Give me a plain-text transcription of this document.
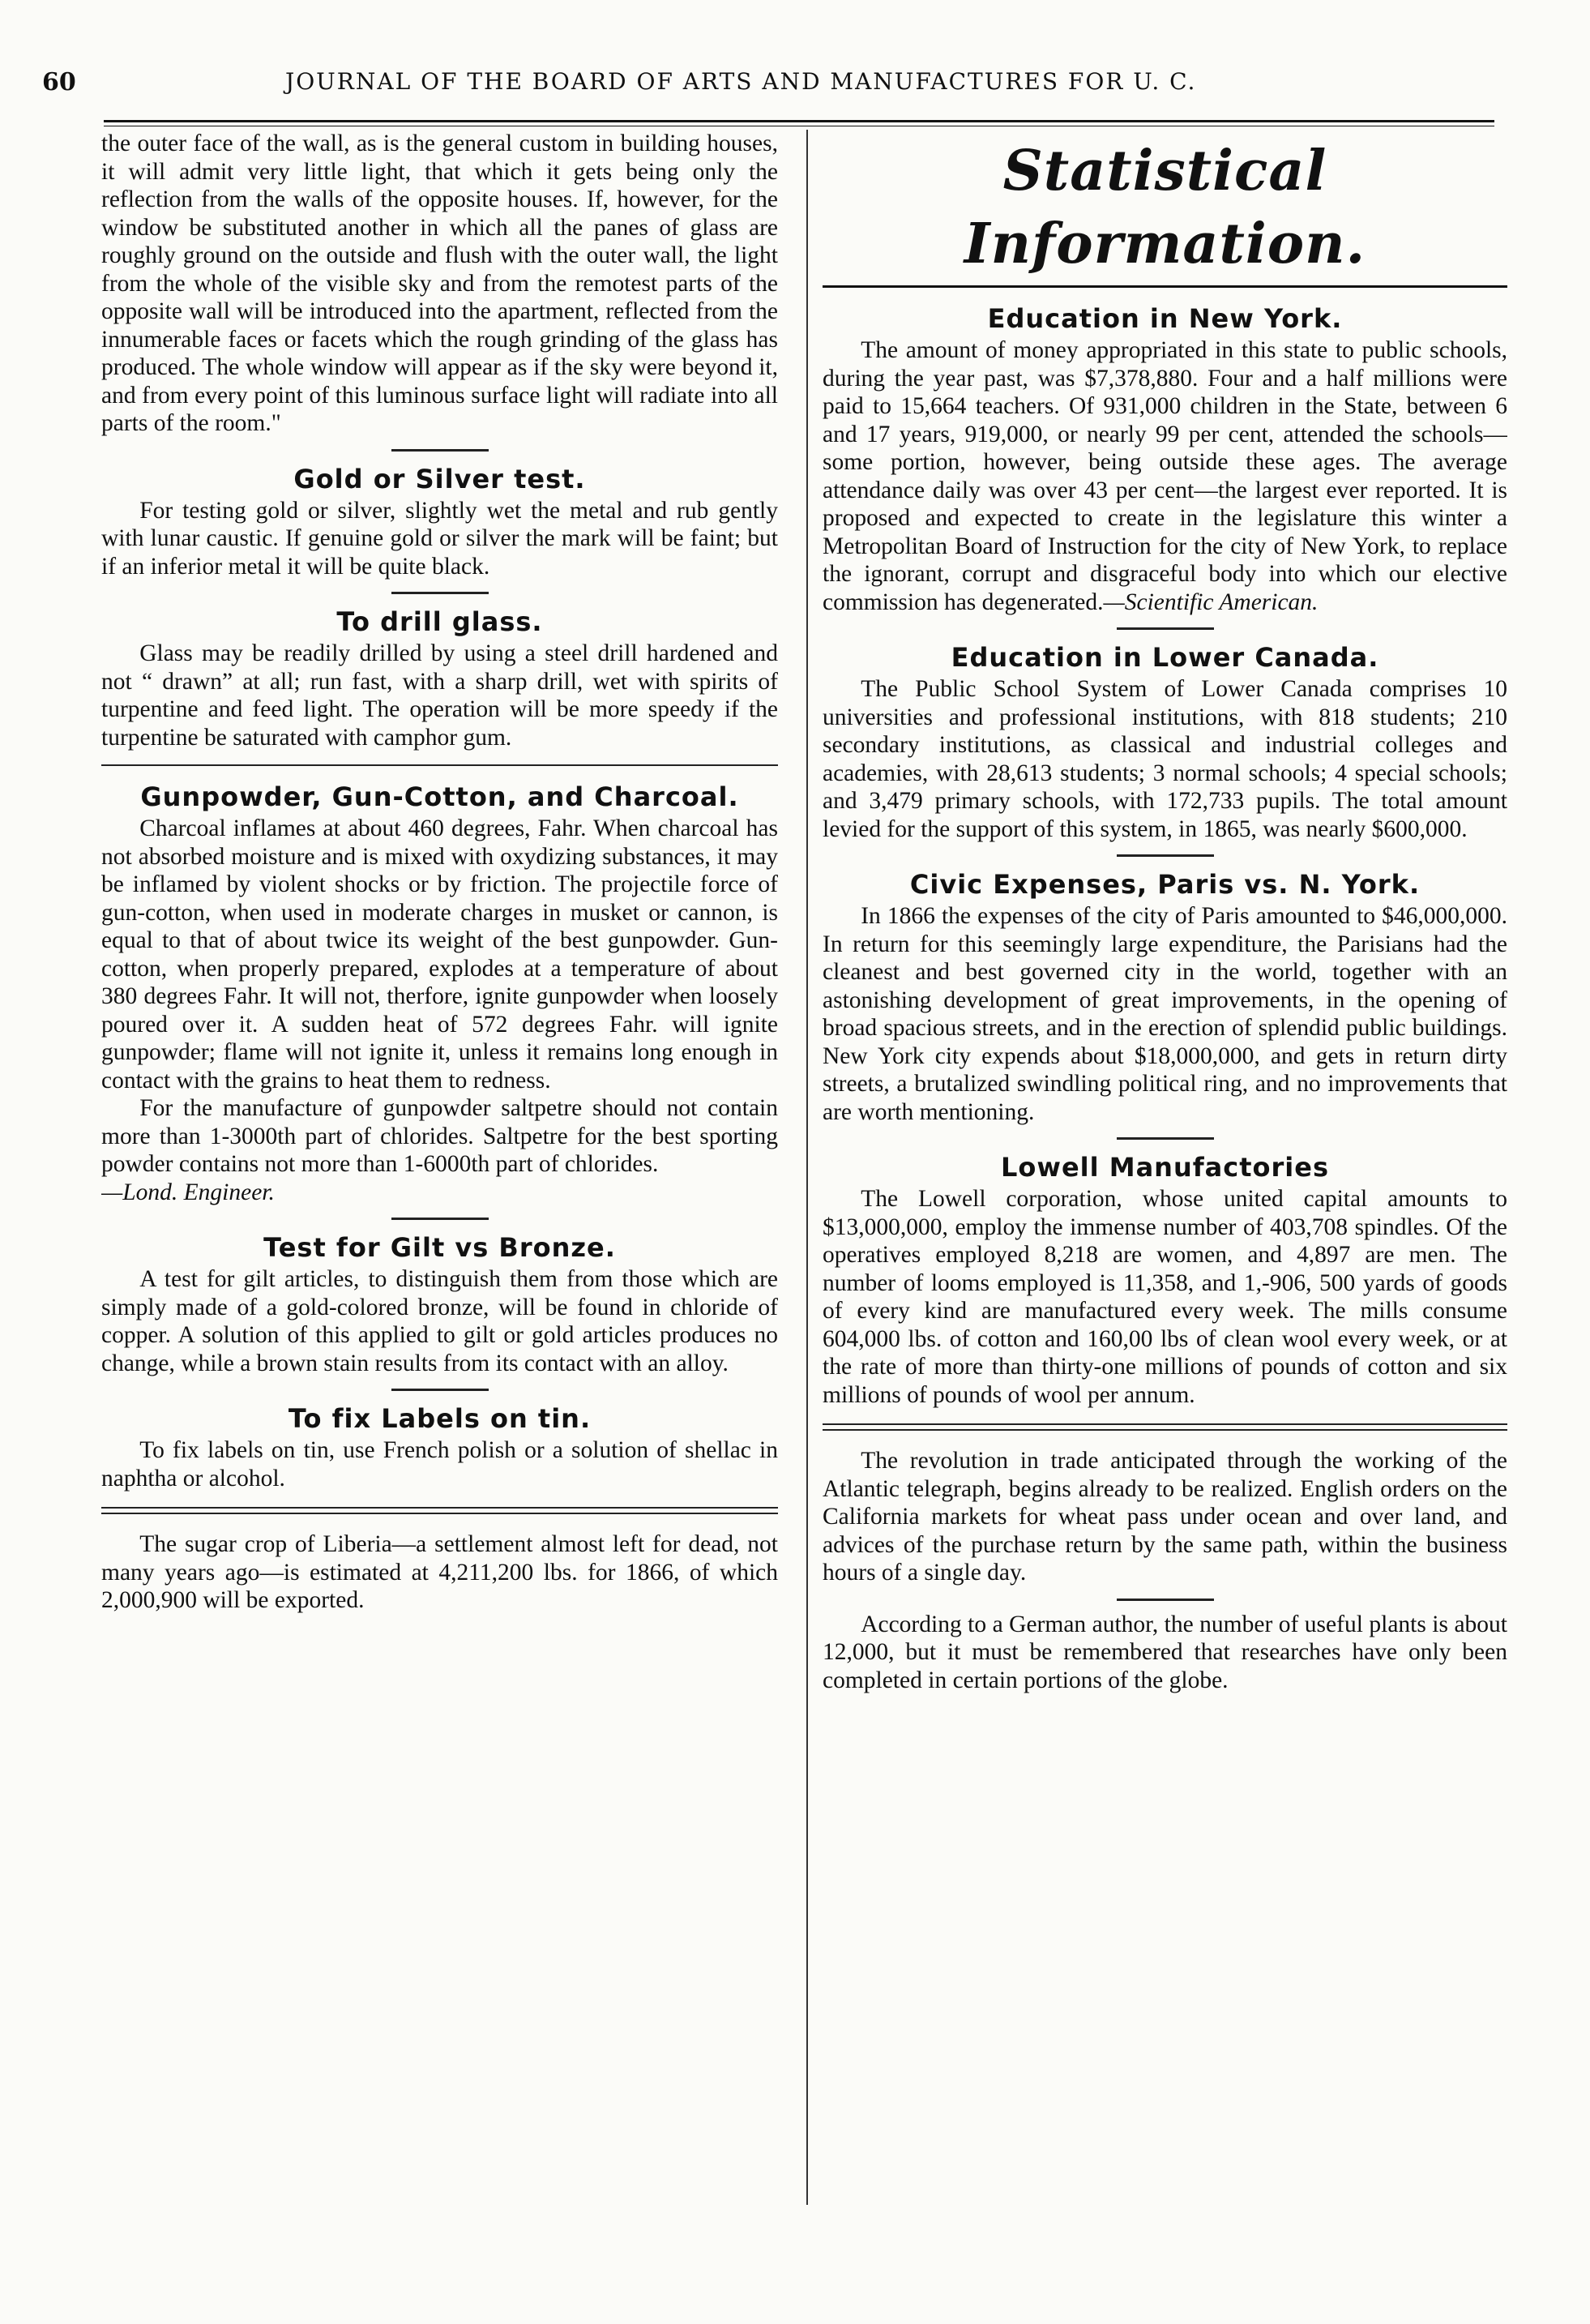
60	JOURNAL OF THE BOARD OF ARTS AND MANUFACTURES FOR U. C.

the outer face of the wall, as is the general custom in building houses, it will admit very little light, that which it gets being only the reflection from the walls of the opposite houses. If, however, for the window be substituted another in which all the panes of glass are roughly ground on the outside and flush with the outer wall, the light from the whole of the visible sky and from the remotest parts of the opposite wall will be introduced into the apartment, reflected from the innumerable faces or facets which the rough grinding of the glass has produced. The whole window will appear as if the sky were beyond it, and from every point of this luminous surface light will radiate into all parts of the room."

Gold or Silver test.

For testing gold or silver, slightly wet the metal and rub gently with lunar caustic. If genuine gold or silver the mark will be faint; but if an inferior metal it will be quite black.

To drill glass.

Glass may be readily drilled by using a steel drill hardened and not “ drawn” at all; run fast, with a sharp drill, wet with spirits of turpentine and feed light. The operation will be more speedy if the turpentine be saturated with camphor gum.

Gunpowder, Gun-Cotton, and Charcoal.

Charcoal inflames at about 460 degrees, Fahr. When charcoal has not absorbed moisture and is mixed with oxydizing substances, it may be inflamed by violent shocks or by friction. The projectile force of gun-cotton, when used in moderate charges in musket or cannon, is equal to that of about twice its weight of the best gunpowder. Gun-cotton, when properly prepared, explodes at a temperature of about 380 degrees Fahr. It will not, therfore, ignite gunpowder when loosely poured over it. A sudden heat of 572 degrees Fahr. will ignite gunpowder; flame will not ignite it, unless it remains long enough in contact with the grains to heat them to redness.

For the manufacture of gunpowder saltpetre should not contain more than 1-3000th part of chlorides. Saltpetre for the best sporting powder contains not more than 1-6000th part of chlorides.
—Lond. Engineer.

Test for Gilt vs Bronze.

A test for gilt articles, to distinguish them from those which are simply made of a gold-colored bronze, will be found in chloride of copper. A solution of this applied to gilt or gold articles produces no change, while a brown stain results from its contact with an alloy.

To fix Labels on tin.

To fix labels on tin, use French polish or a solution of shellac in naphtha or alcohol.

The sugar crop of Liberia—a settlement almost left for dead, not many years ago—is estimated at 4,211,200 lbs. for 1866, of which 2,000,900 will be exported.

Statistical Information.
Education in New York.

The amount of money appropriated in this state to public schools, during the year past, was $7,378,880. Four and a half millions were paid to 15,664 teachers. Of 931,000 children in the State, between 6 and 17 years, 919,000, or nearly 99 per cent, attended the schools—some portion, however, being outside these ages. The average attendance daily was over 43 per cent—the largest ever reported. It is proposed and expected to create in the legislature this winter a Metropolitan Board of Instruction for the city of New York, to replace the ignorant, corrupt and disgraceful body into which our elective commission has degenerated.—Scientific American.

Education in Lower Canada.

The Public School System of Lower Canada comprises 10 universities and professional institutions, with 818 students; 210 secondary institutions, as classical and industrial colleges and academies, with 28,613 students; 3 normal schools; 4 special schools; and 3,479 primary schools, with 172,733 pupils. The total amount levied for the support of this system, in 1865, was nearly $600,000.

Civic Expenses, Paris vs. N. York.

In 1866 the expenses of the city of Paris amounted to $46,000,000. In return for this seemingly large expenditure, the Parisians had the cleanest and best governed city in the world, together with an astonishing development of great improvements, in the opening of broad spacious streets, and in the erection of splendid public buildings. New York city expends about $18,000,000, and gets in return dirty streets, a brutalized swindling political ring, and no improvements that are worth mentioning.

Lowell Manufactories

The Lowell corporation, whose united capital amounts to $13,000,000, employ the immense number of 403,708 spindles. Of the operatives employed 8,218 are women, and 4,897 are men. The number of looms employed is 11,358, and 1,-906, 500 yards of goods of every kind are manufactured every week. The mills consume 604,000 lbs. of cotton and 160,00 lbs of clean wool every week, or at the rate of more than thirty-one millions of pounds of cotton and six millions of pounds of wool per annum.

The revolution in trade anticipated through the working of the Atlantic telegraph, begins already to be realized. English orders on the California markets for wheat pass under ocean and over land, and advices of the purchase return by the same path, within the business hours of a single day.

According to a German author, the number of useful plants is about 12,000, but it must be remembered that researches have only been completed in certain portions of the globe.
